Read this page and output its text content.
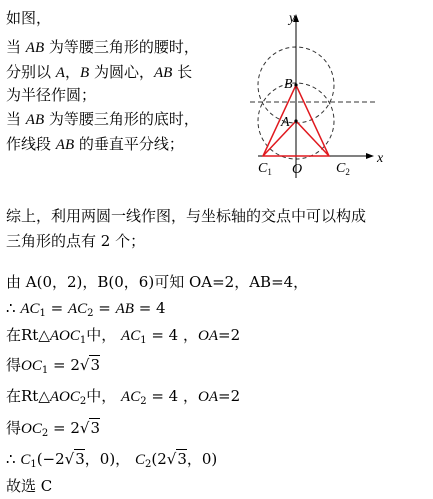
如图，
当 AB 为等腰三角形的腰时，
分别以 A，B 为圆心，AB 长
为半径作圆；
当 AB 为等腰三角形的底时，
作线段 AB 的垂直平分线；
y
x
B
A
O
$C_1$	$C_2$
综上，利用两圆一线作图，与坐标轴的交点中可以构成
三角形的点有 2 个；
由 A(0，2)，B(0，6)可知 OA=2，AB=4，
∴ $AC_1 = AC_2$ = AB = 4
在$Rt\triangle AOC_1$中， $AC_1 = 4$ ，OA=2
得$OC_1 = 2√3$
在$Rt\triangle AOC_2$中， $AC_2 = 4$ ，OA=2
得$OC_2 = 2√3$
∴ $C_1(-2√3$，0)， $C_2(2√3$，0)
故选 C
